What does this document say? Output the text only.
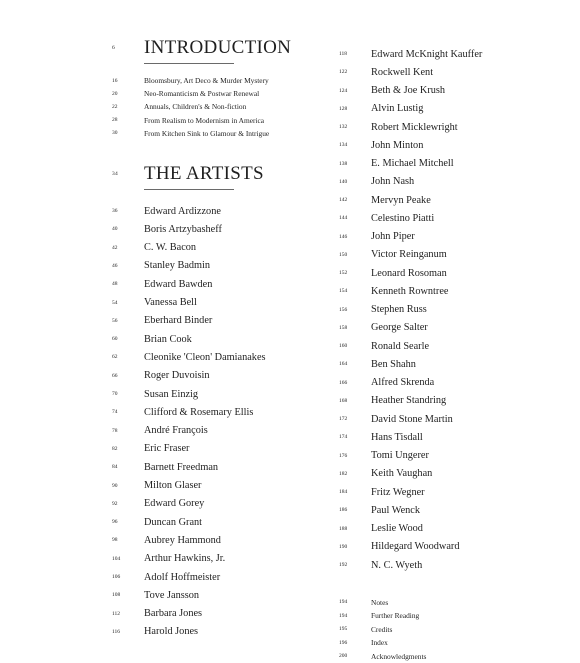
6	INTRODUCTION
16	Bloomsbury, Art Deco & Murder Mystery
20	Neo-Romanticism & Postwar Renewal
22	Annuals, Children's & Non-fiction
28	From Realism to Modernism in America
30	From Kitchen Sink to Glamour & Intrigue
34	THE ARTISTS
36	Edward Ardizzone
40	Boris Artzybasheff
42	C. W. Bacon
46	Stanley Badmin
48	Edward Bawden
54	Vanessa Bell
56	Eberhard Binder
60	Brian Cook
62	Cleonike 'Cleon' Damianakes
66	Roger Duvoisin
70	Susan Einzig
74	Clifford & Rosemary Ellis
78	André François
82	Eric Fraser
84	Barnett Freedman
90	Milton Glaser
92	Edward Gorey
96	Duncan Grant
98	Aubrey Hammond
104	Arthur Hawkins, Jr.
106	Adolf Hoffmeister
108	Tove Jansson
112	Barbara Jones
116	Harold Jones
118	Edward McKnight Kauffer
122	Rockwell Kent
124	Beth & Joe Krush
128	Alvin Lustig
132	Robert Micklewright
134	John Minton
138	E. Michael Mitchell
140	John Nash
142	Mervyn Peake
144	Celestino Piatti
146	John Piper
150	Victor Reinganum
152	Leonard Rosoman
154	Kenneth Rowntree
156	Stephen Russ
158	George Salter
160	Ronald Searle
164	Ben Shahn
166	Alfred Skrenda
168	Heather Standring
172	David Stone Martin
174	Hans Tisdall
176	Tomi Ungerer
182	Keith Vaughan
184	Fritz Wegner
186	Paul Wenck
188	Leslie Wood
190	Hildegard Woodward
192	N. C. Wyeth
194	Notes
194	Further Reading
195	Credits
196	Index
200	Acknowledgments
